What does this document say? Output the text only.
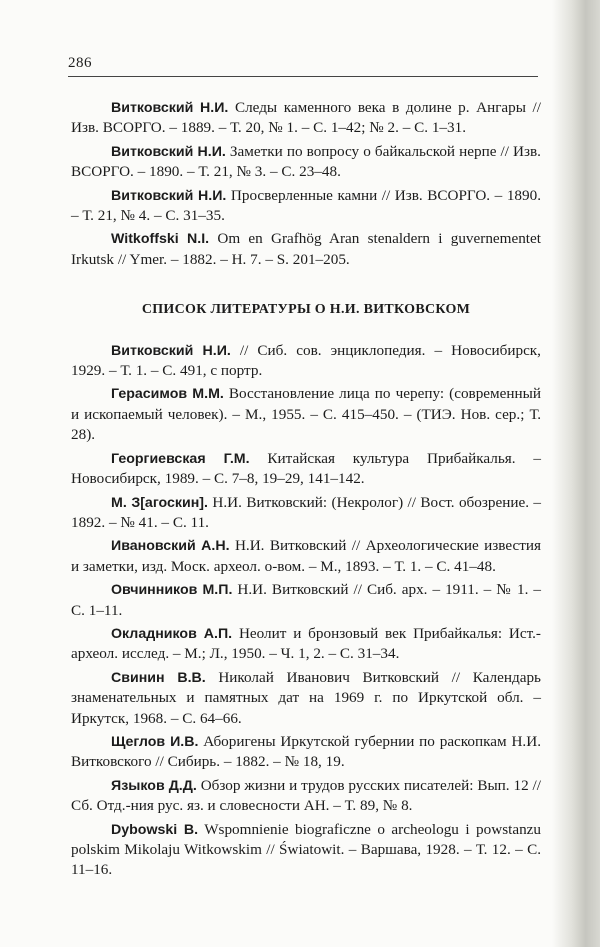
286

Витковский Н.И. Следы каменного века в долине р. Ангары // Изв. ВСОРГО. – 1889. – Т. 20, № 1. – С. 1–42; № 2. – С. 1–31.

Витковский Н.И. Заметки по вопросу о байкальской нерпе // Изв. ВСОРГО. – 1890. – Т. 21, № 3. – С. 23–48.

Витковский Н.И. Просверленные камни // Изв. ВСОРГО. – 1890. – Т. 21, № 4. – С. 31–35.

Witkoffski N.I. Om en Grafhög Aran stenaldern i guvernementet Irkutsk // Ymer. – 1882. – H. 7. – S. 201–205.

СПИСОК ЛИТЕРАТУРЫ О Н.И. ВИТКОВСКОМ

Витковский Н.И. // Сиб. сов. энциклопедия. – Новосибирск, 1929. – Т. 1. – С. 491, с портр.

Герасимов М.М. Восстановление лица по черепу: (современный и ископаемый человек). – М., 1955. – С. 415–450. – (ТИЭ. Нов. сер.; Т. 28).

Георгиевская Г.М. Китайская культура Прибайкалья. – Новосибирск, 1989. – С. 7–8, 19–29, 141–142.

М. З[агоскин]. Н.И. Витковский: (Некролог) // Вост. обозрение. – 1892. – № 41. – С. 11.

Ивановский А.Н. Н.И. Витковский // Археологические известия и заметки, изд. Моск. археол. о-вом. – М., 1893. – Т. 1. – С. 41–48.

Овчинников М.П. Н.И. Витковский // Сиб. арх. – 1911. – № 1. – С. 1–11.

Окладников А.П. Неолит и бронзовый век Прибайкалья: Ист.-археол. исслед. – М.; Л., 1950. – Ч. 1, 2. – С. 31–34.

Свинин В.В. Николай Иванович Витковский // Календарь знаменательных и памятных дат на 1969 г. по Иркутской обл. – Иркутск, 1968. – С. 64–66.

Щеглов И.В. Аборигены Иркутской губернии по раскопкам Н.И. Витковского // Сибирь. – 1882. – № 18, 19.

Языков Д.Д. Обзор жизни и трудов русских писателей: Вып. 12 // Сб. Отд.-ния рус. яз. и словесности АН. – Т. 89, № 8.

Dybowski B. Wspomnienie biograficzne o archeologu i powstanzu polskim Mikolaju Witkowskim // Światowit. – Варшава, 1928. – Т. 12. – С. 11–16.
